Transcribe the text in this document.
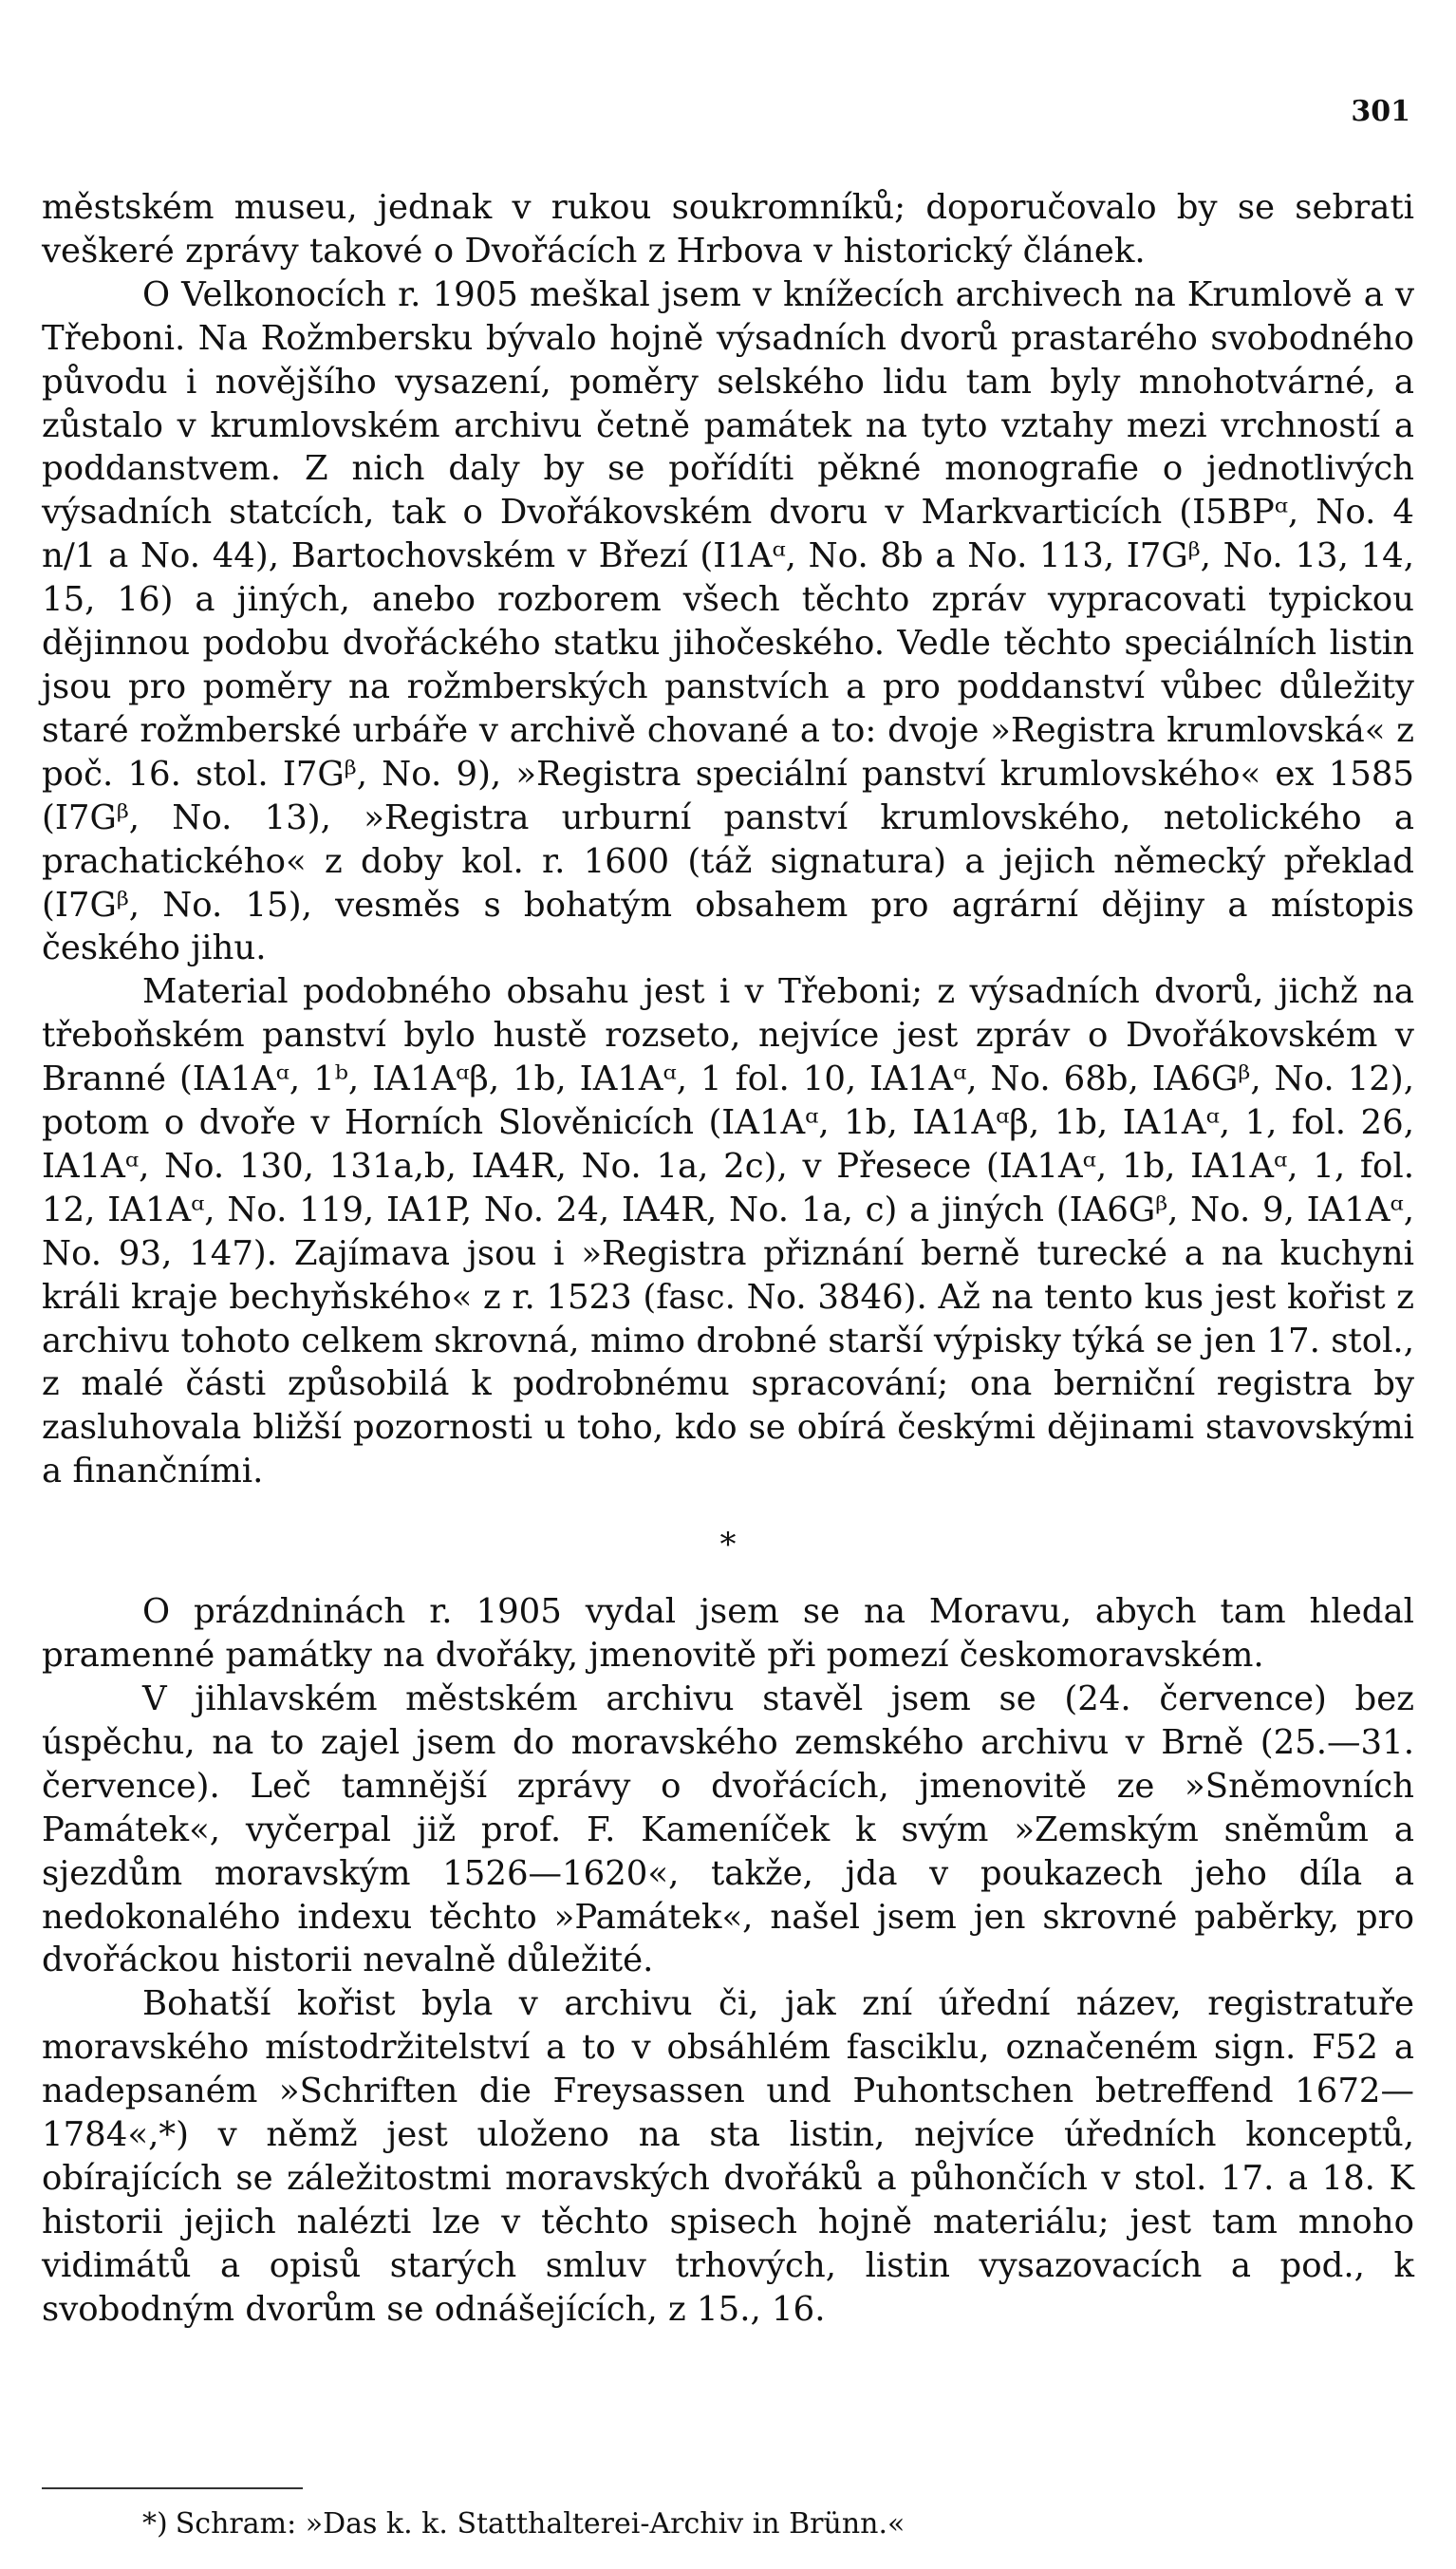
301

městském museu, jednak v rukou soukromníků; doporučovalo by se sebrati veškeré zprávy takové o Dvořácích z Hrbova v historický článek.

O Velkonocích r. 1905 meškal jsem v knížecích archivech na Krumlově a v Třeboni. Na Rožmbersku bývalo hojně výsadních dvorů prastarého svobodného původu i novějšího vysazení, poměry selského lidu tam byly mnohotvárné, a zůstalo v krumlovském archivu četně památek na tyto vztahy mezi vrchností a poddanstvem. Z nich daly by se pořídíti pěkné monografie o jednotlivých výsadních statcích, tak o Dvořákovském dvoru v Markvarticích (I5BPᵅ, No. 4 n/1 a No. 44), Bartochovském v Březí (I1Aᵅ, No. 8b a No. 113, I7Gᵝ, No. 13, 14, 15, 16) a jiných, anebo rozborem všech těchto zpráv vypracovati typickou dějinnou podobu dvořáckého statku jihočeského. Vedle těchto speciálních listin jsou pro poměry na rožmberských panstvích a pro poddanství vůbec důležity staré rožmberské urbáře v archivě chované a to: dvoje »Registra krumlovská« z poč. 16. stol. I7Gᵝ, No. 9), »Registra speciální panství krumlovského« ex 1585 (I7Gᵝ, No. 13), »Registra urburní panství krumlovského, netolického a prachatického« z doby kol. r. 1600 (táž signatura) a jejich německý překlad (I7Gᵝ, No. 15), vesměs s bohatým obsahem pro agrární dějiny a místopis českého jihu.

Material podobného obsahu jest i v Třeboni; z výsadních dvorů, jichž na třeboňském panství bylo hustě rozseto, nejvíce jest zpráv o Dvořákovském v Branné (IA1Aᵅ, 1ᵇ, IA1Aᵅβ, 1b, IA1Aᵅ, 1 fol. 10, IA1Aᵅ, No. 68b, IA6Gᵝ, No. 12), potom o dvoře v Horních Slověnicích (IA1Aᵅ, 1b, IA1Aᵅβ, 1b, IA1Aᵅ, 1, fol. 26, IA1Aᵅ, No. 130, 131a,b, IA4R, No. 1a, 2c), v Přesece (IA1Aᵅ, 1b, IA1Aᵅ, 1, fol. 12, IA1Aᵅ, No. 119, IA1P, No. 24, IA4R, No. 1a, c) a jiných (IA6Gᵝ, No. 9, IA1Aᵅ, No. 93, 147). Zajímava jsou i »Registra přiznání berně turecké a na kuchyni králi kraje bechyňského« z r. 1523 (fasc. No. 3846). Až na tento kus jest kořist z archivu tohoto celkem skrovná, mimo drobné starší výpisky týká se jen 17. stol., z malé části způsobilá k podrobnému spracování; ona berniční registra by zasluhovala bližší pozornosti u toho, kdo se obírá českými dějinami stavovskými a finančními.

*

O prázdninách r. 1905 vydal jsem se na Moravu, abych tam hledal pramenné památky na dvořáky, jmenovitě při pomezí českomoravském.

V jihlavském městském archivu stavěl jsem se (24. července) bez úspěchu, na to zajel jsem do moravského zemského archivu v Brně (25.—31. července). Leč tamnější zprávy o dvořácích, jmenovitě ze »Sněmovních Památek«, vyčerpal již prof. F. Kameníček k svým »Zemským sněmům a sjezdům moravským 1526—1620«, takže, jda v poukazech jeho díla a nedokonalého indexu těchto »Památek«, našel jsem jen skrovné paběrky, pro dvořáckou historii nevalně důležité.

Bohatší kořist byla v archivu či, jak zní úřední název, registratuře moravského místodržitelství a to v obsáhlém fasciklu, označeném sign. F52 a nadepsaném »Schriften die Freysassen und Puhontschen betreffend 1672—1784«,*) v němž jest uloženo na sta listin, nejvíce úředních konceptů, obírajících se záležitostmi moravských dvořáků a půhončích v stol. 17. a 18. K historii jejich nalézti lze v těchto spisech hojně materiálu; jest tam mnoho vidimátů a opisů starých smluv trhových, listin vysazovacích a pod., k svobodným dvorům se odnášejících, z 15., 16.

*) Schram: »Das k. k. Statthalterei-Archiv in Brünn.«
